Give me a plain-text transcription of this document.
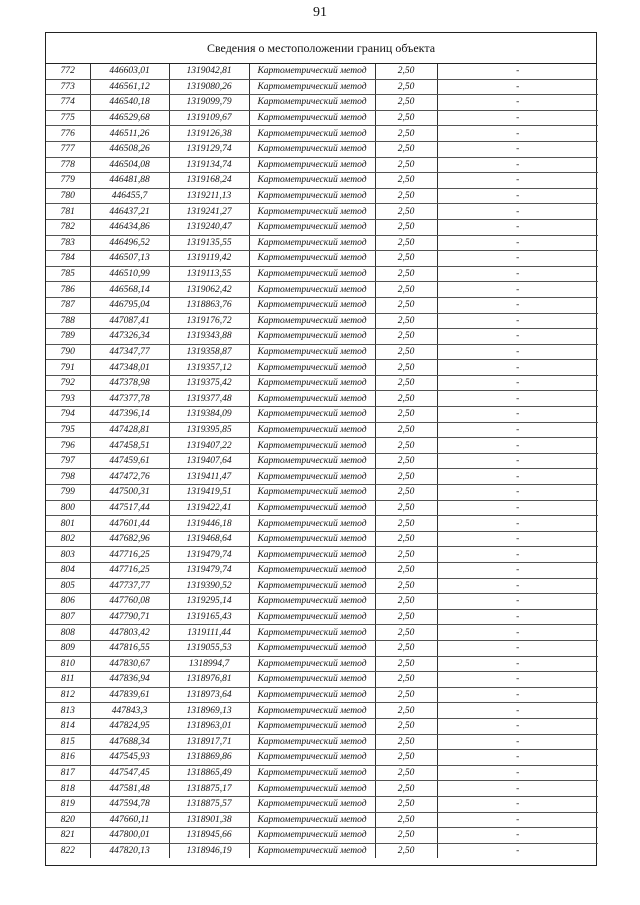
91
Сведения о местоположении границ объекта
772	446603,01	1319042,81	Картометрический метод	2,50	-
773	446561,12	1319080,26	Картометрический метод	2,50	-
774	446540,18	1319099,79	Картометрический метод	2,50	-
775	446529,68	1319109,67	Картометрический метод	2,50	-
776	446511,26	1319126,38	Картометрический метод	2,50	-
777	446508,26	1319129,74	Картометрический метод	2,50	-
778	446504,08	1319134,74	Картометрический метод	2,50	-
779	446481,88	1319168,24	Картометрический метод	2,50	-
780	446455,7	1319211,13	Картометрический метод	2,50	-
781	446437,21	1319241,27	Картометрический метод	2,50	-
782	446434,86	1319240,47	Картометрический метод	2,50	-
783	446496,52	1319135,55	Картометрический метод	2,50	-
784	446507,13	1319119,42	Картометрический метод	2,50	-
785	446510,99	1319113,55	Картометрический метод	2,50	-
786	446568,14	1319062,42	Картометрический метод	2,50	-
787	446795,04	1318863,76	Картометрический метод	2,50	-
788	447087,41	1319176,72	Картометрический метод	2,50	-
789	447326,34	1319343,88	Картометрический метод	2,50	-
790	447347,77	1319358,87	Картометрический метод	2,50	-
791	447348,01	1319357,12	Картометрический метод	2,50	-
792	447378,98	1319375,42	Картометрический метод	2,50	-
793	447377,78	1319377,48	Картометрический метод	2,50	-
794	447396,14	1319384,09	Картометрический метод	2,50	-
795	447428,81	1319395,85	Картометрический метод	2,50	-
796	447458,51	1319407,22	Картометрический метод	2,50	-
797	447459,61	1319407,64	Картометрический метод	2,50	-
798	447472,76	1319411,47	Картометрический метод	2,50	-
799	447500,31	1319419,51	Картометрический метод	2,50	-
800	447517,44	1319422,41	Картометрический метод	2,50	-
801	447601,44	1319446,18	Картометрический метод	2,50	-
802	447682,96	1319468,64	Картометрический метод	2,50	-
803	447716,25	1319479,74	Картометрический метод	2,50	-
804	447716,25	1319479,74	Картометрический метод	2,50	-
805	447737,77	1319390,52	Картометрический метод	2,50	-
806	447760,08	1319295,14	Картометрический метод	2,50	-
807	447790,71	1319165,43	Картометрический метод	2,50	-
808	447803,42	1319111,44	Картометрический метод	2,50	-
809	447816,55	1319055,53	Картометрический метод	2,50	-
810	447830,67	1318994,7	Картометрический метод	2,50	-
811	447836,94	1318976,81	Картометрический метод	2,50	-
812	447839,61	1318973,64	Картометрический метод	2,50	-
813	447843,3	1318969,13	Картометрический метод	2,50	-
814	447824,95	1318963,01	Картометрический метод	2,50	-
815	447688,34	1318917,71	Картометрический метод	2,50	-
816	447545,93	1318869,86	Картометрический метод	2,50	-
817	447547,45	1318865,49	Картометрический метод	2,50	-
818	447581,48	1318875,17	Картометрический метод	2,50	-
819	447594,78	1318875,57	Картометрический метод	2,50	-
820	447660,11	1318901,38	Картометрический метод	2,50	-
821	447800,01	1318945,66	Картометрический метод	2,50	-
822	447820,13	1318946,19	Картометрический метод	2,50	-
